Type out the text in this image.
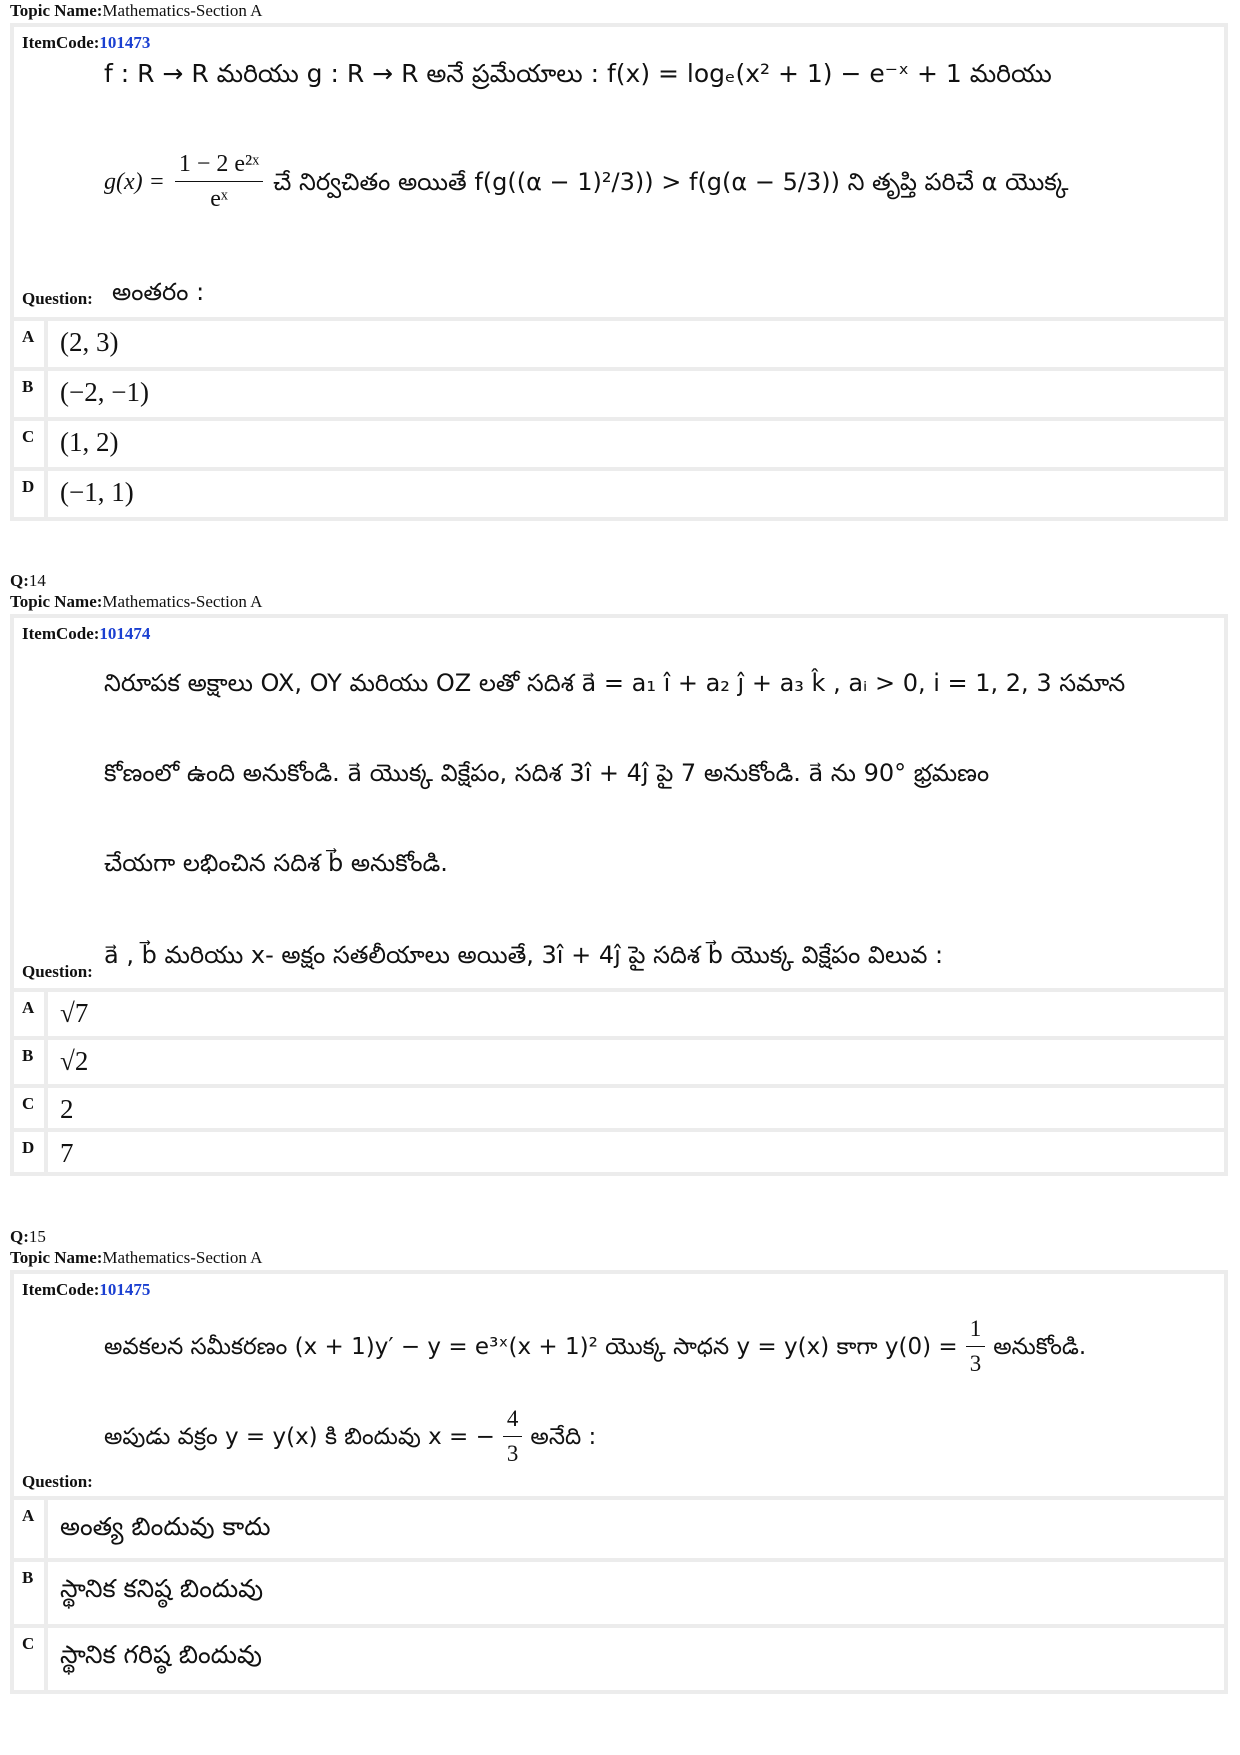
Topic Name:Mathematics-Section A
ItemCode:101473
f : R → R మరియు g : R → R అనే ప్రమేయాలు : f(x) = logₑ(x² + 1) − e⁻ˣ + 1 మరియు
$g(x) = \frac{\text{1 − 2 e²ˣ}}{\text{eˣ}}$ చే నిర్వచితం అయితే f(g((α − 1)²/3)) > f(g(α − 5/3)) ని తృప్తి పరిచే α యొక్క
Question: అంతరం :
A (2, 3)
B (−2, −1)
C (1, 2)
D (−1, 1)
Q:14
Topic Name:Mathematics-Section A
ItemCode:101474
నిరూపక అక్షాలు OX, OY మరియు OZ లతో సదిశ a⃗ = a₁ î + a₂ ĵ + a₃ k̂ , aᵢ > 0, i = 1, 2, 3 సమాన
కోణంలో ఉంది అనుకోండి. a⃗ యొక్క విక్షేపం, సదిశ 3î + 4ĵ పై 7 అనుకోండి. a⃗ ను 90° భ్రమణం
చేయగా లభించిన సదిశ b⃗ అనుకోండి.
a⃗ , b⃗ మరియు x- అక్షం సతలీయాలు అయితే, 3î + 4ĵ పై సదిశ b⃗ యొక్క విక్షేపం విలువ :
Question:
A √7
B √2
C 2
D 7
Q:15
Topic Name:Mathematics-Section A
ItemCode:101475
అవకలన సమీకరణం (x + 1)y′ − y = e³ˣ(x + 1)² యొక్క సాధన y = y(x) కాగా $y(0) = \frac{1}{3}$ అనుకోండి.
అపుడు వక్రం y = y(x) కి బిందువు x = − $\frac{4}{3}$ అనేది :
Question:
A	అంత్య బిందువు కాదు
B	స్థానిక కనిష్ఠ బిందువు
C	స్థానిక గరిష్ఠ బిందువు
